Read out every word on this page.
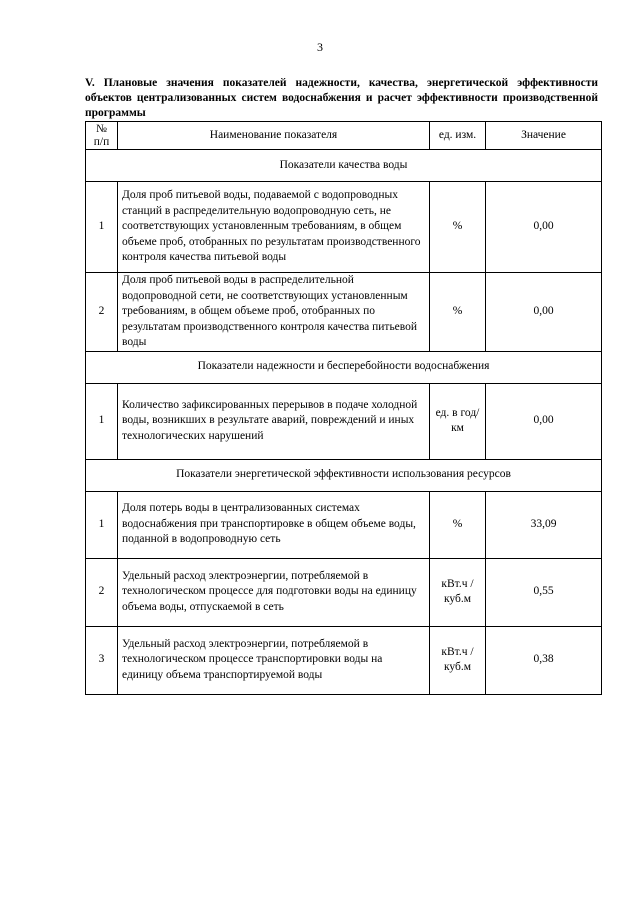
3
V. Плановые значения показателей надежности, качества, энергетической эффективности объектов централизованных систем водоснабжения и расчет эффективности производственной программы
№ п/п	Наименование показателя	ед. изм.	Значение
Показатели качества воды			
1	Доля проб питьевой воды, подаваемой с водопроводных станций в распределительную водопроводную сеть, не соответствующих установленным требованиям, в общем объеме проб, отобранных по результатам производственного контроля качества питьевой воды	%	0,00
2	Доля проб питьевой воды в распределительной водопроводной сети, не соответствующих установленным требованиям, в общем объеме проб, отобранных по результатам производственного контроля качества питьевой воды	%	0,00
Показатели надежности и бесперебойности водоснабжения			
1	Количество зафиксированных перерывов в подаче холодной воды, возникших в результате аварий, повреждений и иных технологических нарушений	ед. в год/ км	0,00
Показатели энергетической эффективности использования ресурсов			
1	Доля потерь воды в централизованных системах водоснабжения при транспортировке в общем объеме воды, поданной в водопроводную сеть	%	33,09
2	Удельный расход электроэнергии, потребляемой в технологическом процессе для подготовки воды на единицу объема воды, отпускаемой в сеть	кВт.ч / куб.м	0,55
3	Удельный расход электроэнергии, потребляемой в технологическом процессе транспортировки воды на единицу объема транспортируемой воды	кВт.ч / куб.м	0,38
